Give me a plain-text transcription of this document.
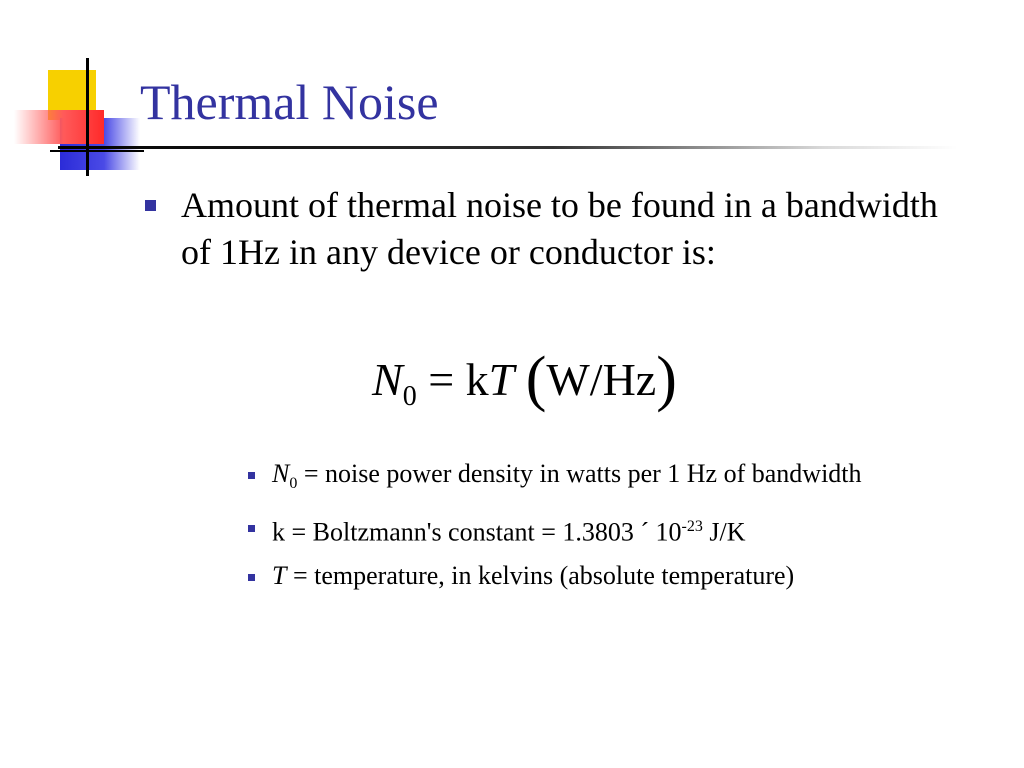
Thermal Noise
Amount of thermal noise to be found in a bandwidth of 1Hz in any device or conductor is:
$N_0$ = kT (W/Hz)
$N_0$ = noise power density in watts per 1 Hz of bandwidth
k = Boltzmann's constant = 1.3803 ´ $10^{-23}$ J/K
T = temperature, in kelvins (absolute temperature)
